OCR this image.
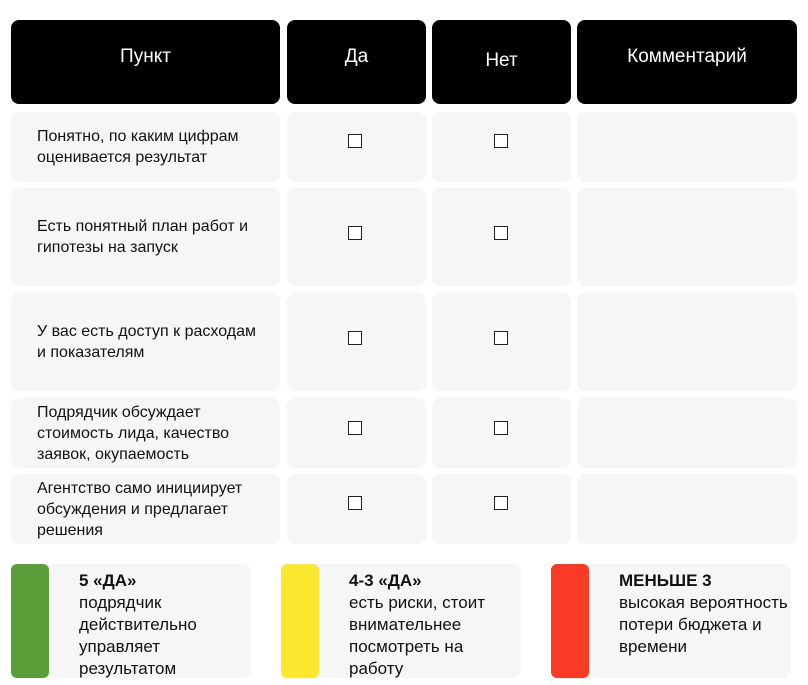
Пункт	Да	Нет	Комментарий
Понятно, по каким цифрам оценивается результат
Есть понятный план работ и гипотезы на запуск
У вас есть доступ к расходам и показателям
Подрядчик обсуждает стоимость лида, качество заявок, окупаемость
Агентство само инициирует обсуждения и предлагает решения
5 «ДА»
подрядчик действительно управляет результатом
4-3 «ДА»
есть риски, стоит внимательнее посмотреть на работу
МЕНЬШЕ 3
высокая вероятность потери бюджета и времени
